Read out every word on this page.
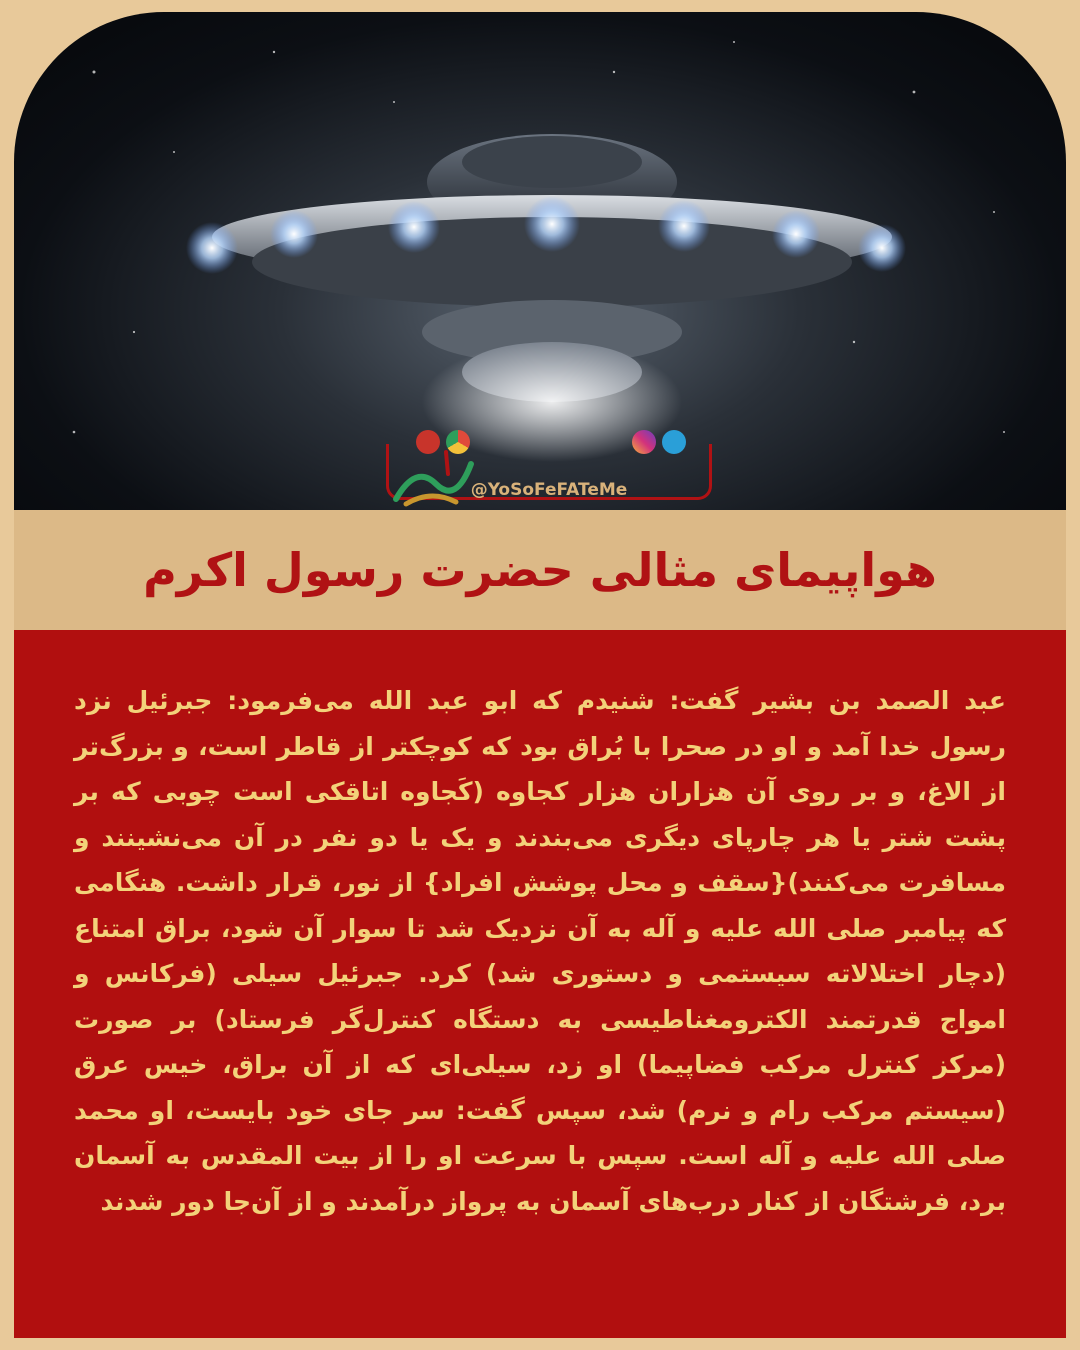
@YoSoFeFATeMe
هواپیمای مثالی حضرت رسول اکرم
عبد الصمد بن بشیر گفت: شنیدم که ابو عبد الله می‌فرمود: جبرئیل نزد رسول خدا آمد و او در صحرا با بُراق بود که کوچکتر از قاطر است، و بزرگ‌تر از الاغ، و بر روی آن هزاران هزار کجاوه (کَجاوه اتاقکی است چوبی که بر پشت شتر یا هر چارپای دیگری می‌بندند و یک یا دو نفر در آن می‌نشینند و مسافرت می‌کنند){سقف و محل پوشش افراد} از نور، قرار داشت. هنگامی که پیامبر صلی الله علیه و آله به آن نزدیک شد تا سوار آن شود، براق امتناع (دچار اختلالاته سیستمی و دستوری شد) کرد. جبرئیل سیلی (فرکانس و امواج قدرتمند الکترومغناطیسی به دستگاه کنترل‌گر فرستاد) بر صورت (مرکز کنترل مرکب فضاپیما) او زد، سیلی‌ای که از آن براق، خیس عرق (سیستم مرکب رام و نرم) شد، سپس گفت: سر جای خود بایست، او محمد صلی الله علیه و آله است. سپس با سرعت او را از بیت المقدس به آسمان برد، فرشتگان از کنار درب‌های آسمان به پرواز درآمدند و از آن‌جا دور شدند
